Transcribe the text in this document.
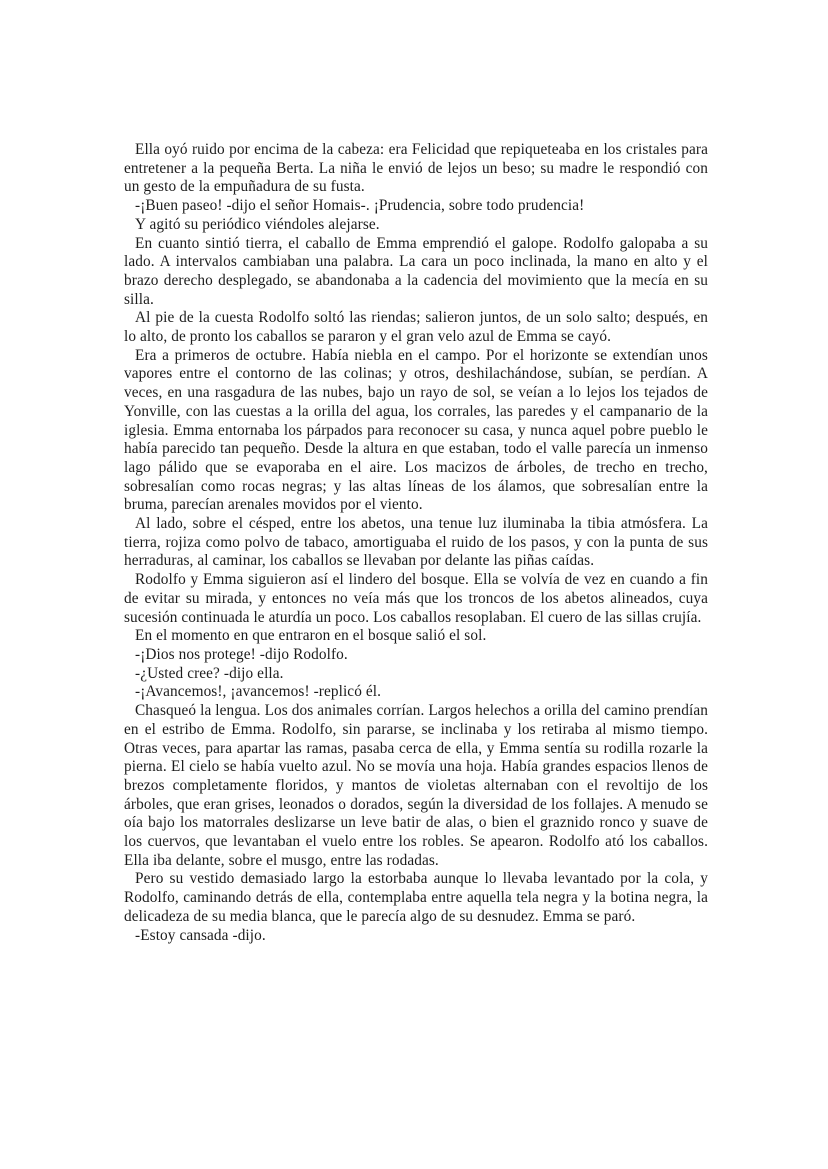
Ella oyó ruido por encima de la cabeza: era Felicidad que repiqueteaba en los cristales para entretener a la pequeña Berta. La niña le envió de lejos un beso; su madre le respondió con un gesto de la empuñadura de su fusta.

-¡Buen paseo! -dijo el señor Homais-. ¡Prudencia, sobre todo prudencia!

Y agitó su periódico viéndoles alejarse.

En cuanto sintió tierra, el caballo de Emma emprendió el galope. Rodolfo galopaba a su lado. A intervalos cambiaban una palabra. La cara un poco inclinada, la mano en alto y el brazo derecho desplegado, se abandonaba a la cadencia del movimiento que la mecía en su silla.

Al pie de la cuesta Rodolfo soltó las riendas; salieron juntos, de un solo salto; después, en lo alto, de pronto los caballos se pararon y el gran velo azul de Emma se cayó.

Era a primeros de octubre. Había niebla en el campo. Por el horizonte se extendían unos vapores entre el contorno de las colinas; y otros, deshilachándose, subían, se perdían. A veces, en una rasgadura de las nubes, bajo un rayo de sol, se veían a lo lejos los tejados de Yonville, con las cuestas a la orilla del agua, los corrales, las paredes y el campanario de la iglesia. Emma entornaba los párpados para reconocer su casa, y nunca aquel pobre pueblo le había parecido tan pequeño. Desde la altura en que estaban, todo el valle parecía un inmenso lago pálido que se evaporaba en el aire. Los macizos de árboles, de trecho en trecho, sobresalían como rocas negras; y las altas líneas de los álamos, que sobresalían entre la bruma, parecían arenales movidos por el viento.

Al lado, sobre el césped, entre los abetos, una tenue luz iluminaba la tibia atmósfera. La tierra, rojiza como polvo de tabaco, amortiguaba el ruido de los pasos, y con la punta de sus herraduras, al caminar, los caballos se llevaban por delante las piñas caídas.

Rodolfo y Emma siguieron así el lindero del bosque. Ella se volvía de vez en cuando a fin de evitar su mirada, y entonces no veía más que los troncos de los abetos alineados, cuya sucesión continuada le aturdía un poco. Los caballos resoplaban. El cuero de las sillas crujía.

En el momento en que entraron en el bosque salió el sol.

-¡Dios nos protege! -dijo Rodolfo.

-¿Usted cree? -dijo ella.

-¡Avancemos!, ¡avancemos! -replicó él.

Chasqueó la lengua. Los dos animales corrían. Largos helechos a orilla del camino prendían en el estribo de Emma. Rodolfo, sin pararse, se inclinaba y los retiraba al mismo tiempo. Otras veces, para apartar las ramas, pasaba cerca de ella, y Emma sentía su rodilla rozarle la pierna. El cielo se había vuelto azul. No se movía una hoja. Había grandes espacios llenos de brezos completamente floridos, y mantos de violetas alternaban con el revoltijo de los árboles, que eran grises, leonados o dorados, según la diversidad de los follajes. A menudo se oía bajo los matorrales deslizarse un leve batir de alas, o bien el graznido ronco y suave de los cuervos, que levantaban el vuelo entre los robles. Se apearon. Rodolfo ató los caballos. Ella iba delante, sobre el musgo, entre las rodadas.

Pero su vestido demasiado largo la estorbaba aunque lo llevaba levantado por la cola, y Rodolfo, caminando detrás de ella, contemplaba entre aquella tela negra y la botina negra, la delicadeza de su media blanca, que le parecía algo de su desnudez. Emma se paró.

-Estoy cansada -dijo.
